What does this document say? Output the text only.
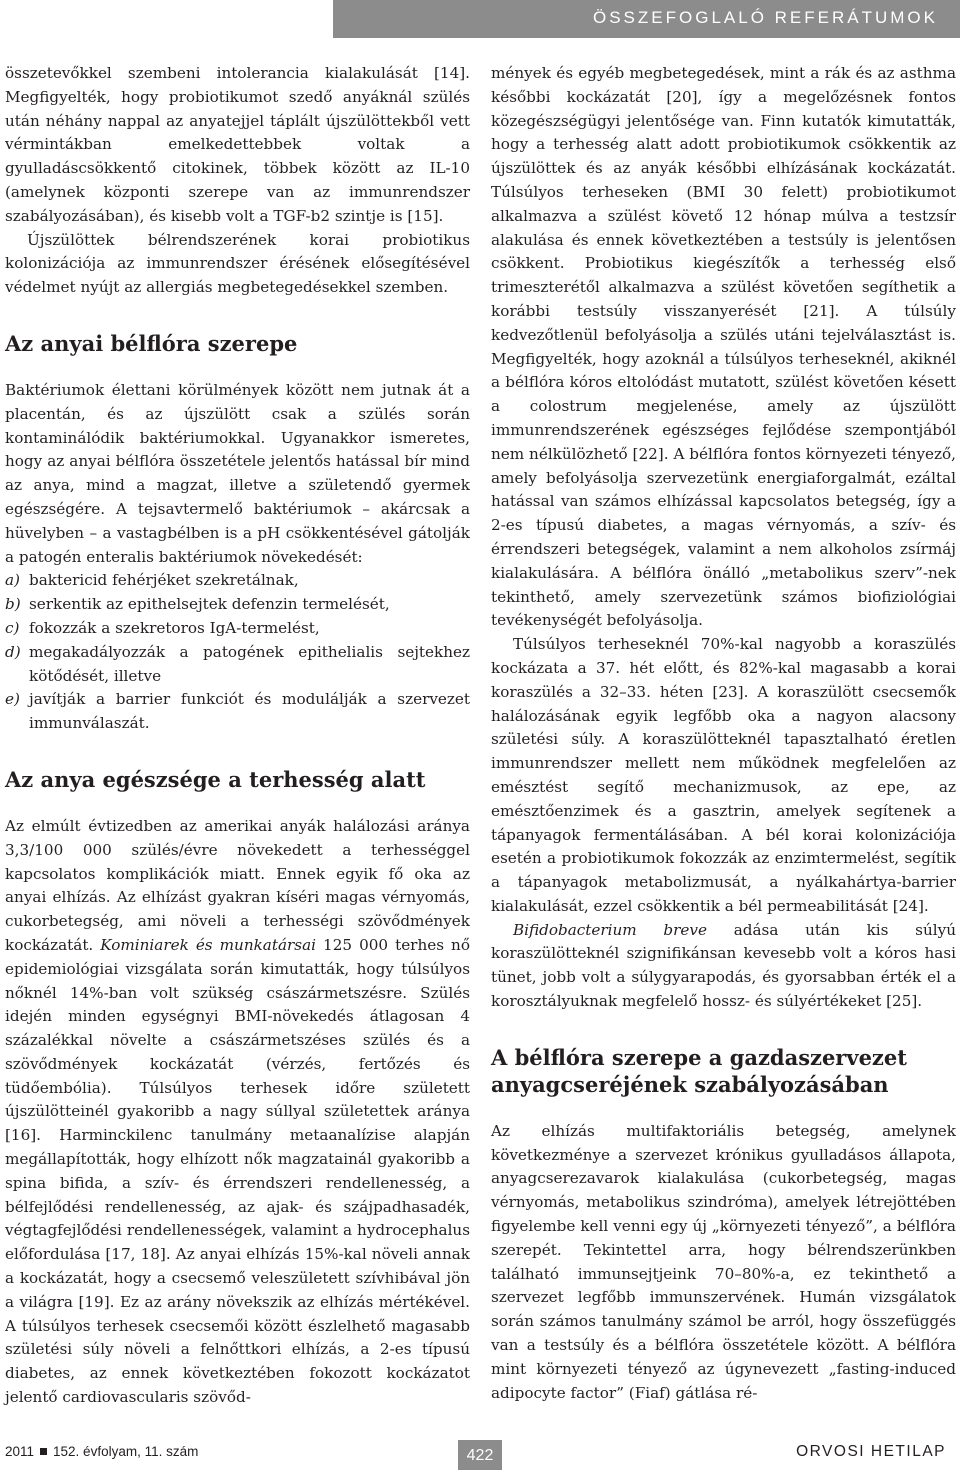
ÖSSZEFOGLALÓ REFERÁTUMOK

összetevőkkel szembeni intolerancia kialakulását [14]. Megfigyelték, hogy probiotikumot szedő anyáknál szülés után néhány nappal az anyatejjel táplált újszülöttekből vett vérmintákban emelkedettebbek voltak a gyulladáscsökkentő citokinek, többek között az IL-10 (amelynek központi szerepe van az immunrendszer szabályozásában), és kisebb volt a TGF-b2 szintje is [15].

Újszülöttek bélrendszerének korai probiotikus kolonizációja az immunrendszer érésének elősegítésével védelmet nyújt az allergiás megbetegedésekkel szemben.

Az anyai bélflóra szerepe

Baktériumok élettani körülmények között nem jutnak át a placentán, és az újszülött csak a szülés során kontaminálódik baktériumokkal. Ugyanakkor ismeretes, hogy az anyai bélflóra összetétele jelentős hatással bír mind az anya, mind a magzat, illetve a születendő gyermek egészségére. A tejsavtermelő baktériumok – akárcsak a hüvelyben – a vastagbélben is a pH csökkentésével gátolják a patogén enteralis baktériumok növekedését:

a) baktericid fehérjéket szekretálnak,
b) serkentik az epithelsejtek defenzin termelését,
c) fokozzák a szekretoros IgA-termelést,
d) megakadályozzák a patogének epithelialis sejtekhez kötődését, illetve
e) javítják a barrier funkciót és modulálják a szervezet immunválaszát.
Az anya egészsége a terhesség alatt

Az elmúlt évtizedben az amerikai anyák halálozási aránya 3,3/100 000 szülés/évre növekedett a terhességgel kapcsolatos komplikációk miatt. Ennek egyik fő oka az anyai elhízás. Az elhízást gyakran kíséri magas vérnyomás, cukorbetegség, ami növeli a terhességi szövődmények kockázatát. Kominiarek és munkatársai 125 000 terhes nő epidemiológiai vizsgálata során kimutatták, hogy túlsúlyos nőknél 14%-ban volt szükség császármetszésre. Szülés idején minden egységnyi BMI-növekedés átlagosan 4 százalékkal növelte a császármetszéses szülés és a szövődmények kockázatát (vérzés, fertőzés és tüdőembólia). Túlsúlyos terhesek időre született újszülötteinél gyakoribb a nagy súllyal születettek aránya [16]. Harminckilenc tanulmány metaanalízise alapján megállapították, hogy elhízott nők magzatainál gyakoribb a spina bifida, a szív- és érrendszeri rendellenesség, a bélfejlődési rendellenesség, az ajak- és szájpadhasadék, végtagfejlődési rendellenességek, valamint a hydrocephalus előfordulása [17, 18]. Az anyai elhízás 15%-kal növeli annak a kockázatát, hogy a csecsemő veleszületett szívhibával jön a világra [19]. Ez az arány növekszik az elhízás mértékével. A túlsúlyos terhesek csecsemői között észlelhető magasabb születési súly növeli a felnőttkori elhízás, a 2-es típusú diabetes, az ennek következtében fokozott kockázatot jelentő cardiovascularis szövőd-

mények és egyéb megbetegedések, mint a rák és az asthma későbbi kockázatát [20], így a megelőzésnek fontos közegészségügyi jelentősége van. Finn kutatók kimutatták, hogy a terhesség alatt adott probiotikumok csökkentik az újszülöttek és az anyák későbbi elhízásának kockázatát. Túlsúlyos terheseken (BMI 30 felett) probiotikumot alkalmazva a szülést követő 12 hónap múlva a testzsír alakulása és ennek következtében a testsúly is jelentősen csökkent. Probiotikus kiegészítők a terhesség első trimeszterétől alkalmazva a szülést követően segíthetik a korábbi testsúly visszanyerését [21]. A túlsúly kedvezőtlenül befolyásolja a szülés utáni tejelválasztást is. Megfigyelték, hogy azoknál a túlsúlyos terheseknél, akiknél a bélflóra kóros eltolódást mutatott, szülést követően késett a colostrum megjelenése, amely az újszülött immunrendszerének egészséges fejlődése szempontjából nem nélkülözhető [22]. A bélflóra fontos környezeti tényező, amely befolyásolja szervezetünk energiaforgalmát, ezáltal hatással van számos elhízással kapcsolatos betegség, így a 2-es típusú diabetes, a magas vérnyomás, a szív- és érrendszeri betegségek, valamint a nem alkoholos zsírmáj kialakulására. A bélflóra önálló „metabolikus szerv”-nek tekinthető, amely szervezetünk számos biofiziológiai tevékenységét befolyásolja.

Túlsúlyos terheseknél 70%-kal nagyobb a koraszülés kockázata a 37. hét előtt, és 82%-kal magasabb a korai koraszülés a 32–33. héten [23]. A koraszülött csecsemők halálozásának egyik legfőbb oka a nagyon alacsony születési súly. A koraszülötteknél tapasztalható éretlen immunrendszer mellett nem működnek megfelelően az emésztést segítő mechanizmusok, az epe, az emésztőenzimek és a gasztrin, amelyek segítenek a tápanyagok fermentálásában. A bél korai kolonizációja esetén a probiotikumok fokozzák az enzimtermelést, segítik a tápanyagok metabolizmusát, a nyálkahártya-barrier kialakulását, ezzel csökkentik a bél permeabilitását [24].

Bifidobacterium breve adása után kis súlyú koraszülötteknél szignifikánsan kevesebb volt a kóros hasi tünet, jobb volt a súlygyarapodás, és gyorsabban érték el a korosztályuknak megfelelő hossz- és súlyértékeket [25].

A bélflóra szerepe a gazdaszervezet anyagcseréjének szabályozásában

Az elhízás multifaktoriális betegség, amelynek következménye a szervezet krónikus gyulladásos állapota, anyagcserezavarok kialakulása (cukorbetegség, magas vérnyomás, metabolikus szindróma), amelyek létrejöttében figyelembe kell venni egy új „környezeti tényező”, a bélflóra szerepét. Tekintettel arra, hogy bélrendszerünkben található immunsejtjeink 70–80%-a, ez tekinthető a szervezet legfőbb immunszervének. Humán vizsgálatok során számos tanulmány számol be arról, hogy összefüggés van a testsúly és a bélflóra összetétele között. A bélflóra mint környezeti tényező az úgynevezett „fasting-induced adipocyte factor” (Fiaf) gátlása ré-

2011 152. évfolyam, 11. szám	422	ORVOSI HETILAP
